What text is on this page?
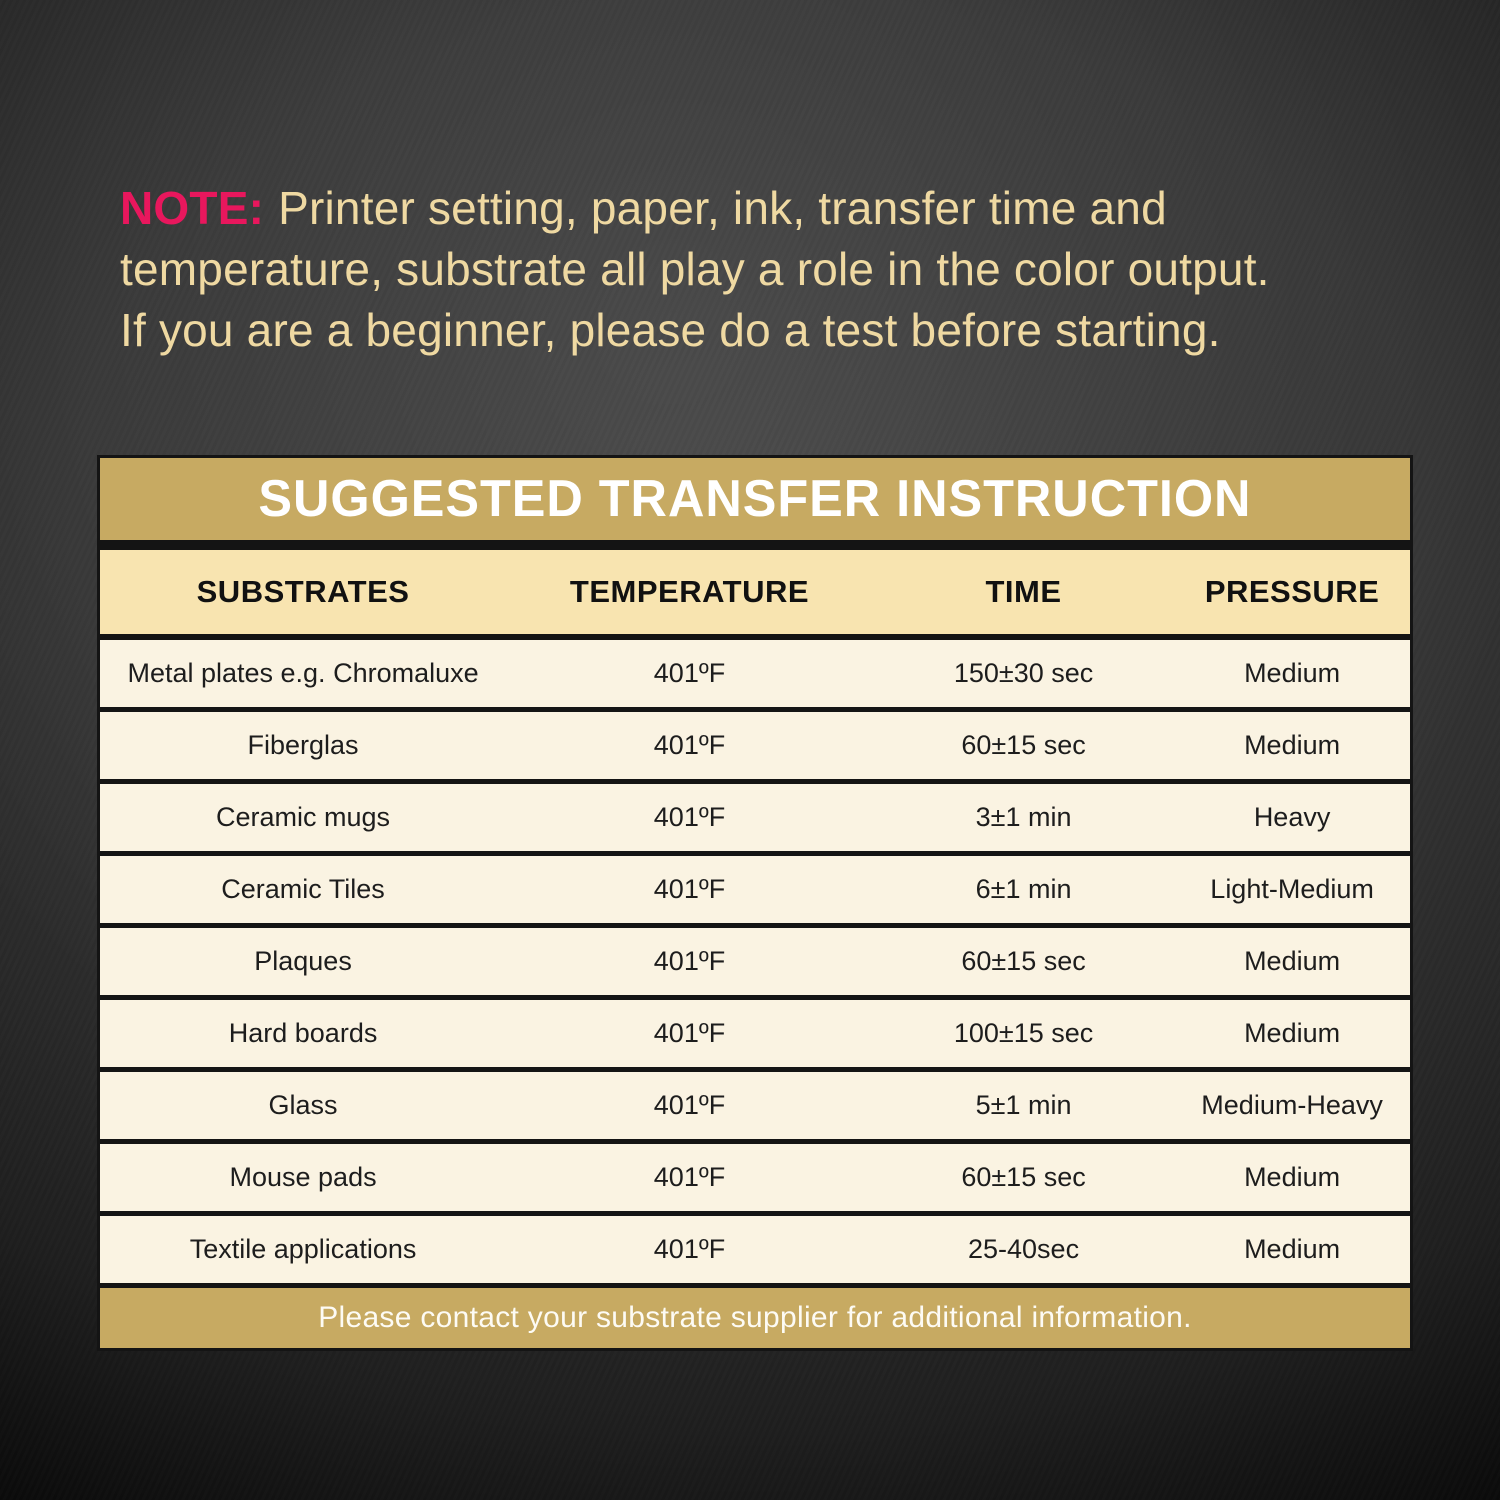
NOTE: Printer setting, paper, ink, transfer time and
temperature, substrate all play a role in the color output.
If you are a beginner, please do a test before starting.
SUGGESTED TRANSFER INSTRUCTION
SUBSTRATES	TEMPERATURE	TIME	PRESSURE
Metal plates e.g. Chromaluxe	401ºF	150±30 sec	Medium
Fiberglas	401ºF	60±15 sec	Medium
Ceramic mugs	401ºF	3±1 min	Heavy
Ceramic Tiles	401ºF	6±1 min	Light-Medium
Plaques	401ºF	60±15 sec	Medium
Hard boards	401ºF	100±15 sec	Medium
Glass	401ºF	5±1 min	Medium-Heavy
Mouse pads	401ºF	60±15 sec	Medium
Textile applications	401ºF	25-40sec	Medium
Please contact your substrate supplier for additional information.
